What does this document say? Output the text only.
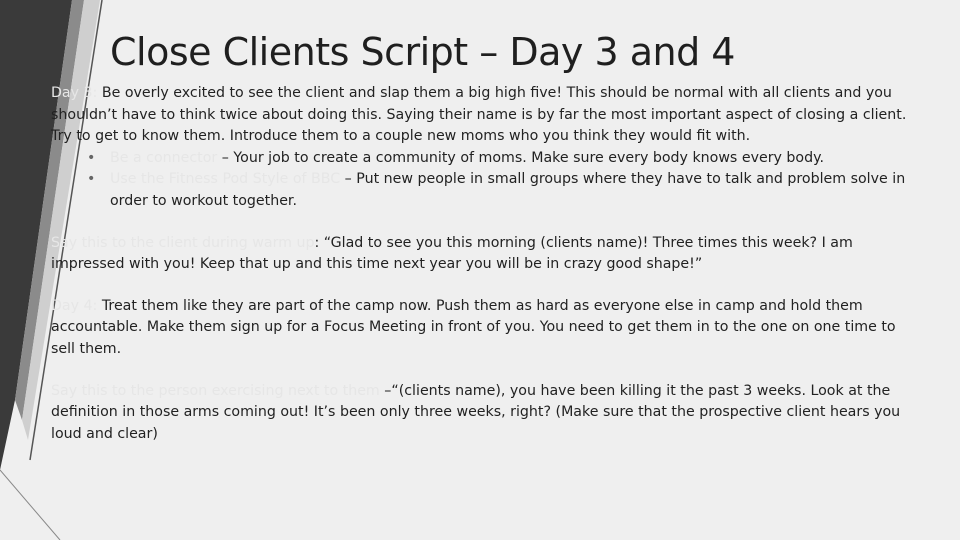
Close Clients Script – Day 3 and 4

Day 3: Be overly excited to see the client and slap them a big high five! This should be normal with all clients and you shouldn’t have to think twice about doing this. Saying their name is by far the most important aspect of closing a client. Try to get to know them. Introduce them to a couple new moms who you think they would fit with.

• Be a connector – Your job to create a community of moms. Make sure every body knows every body.
• Use the Fitness Pod Style of BBC – Put new people in small groups where they have to talk and problem solve in order to workout together.

Say this to the client during warm up: “Glad to see you this morning (clients name)! Three times this week? I am impressed with you! Keep that up and this time next year you will be in crazy good shape!”

Day 4: Treat them like they are part of the camp now. Push them as hard as everyone else in camp and hold them accountable. Make them sign up for a Focus Meeting in front of you. You need to get them in to the one on one time to sell them.

Say this to the person exercising next to them –“(clients name), you have been killing it the past 3 weeks. Look at the definition in those arms coming out! It’s been only three weeks, right? (Make sure that the prospective client hears you loud and clear)
